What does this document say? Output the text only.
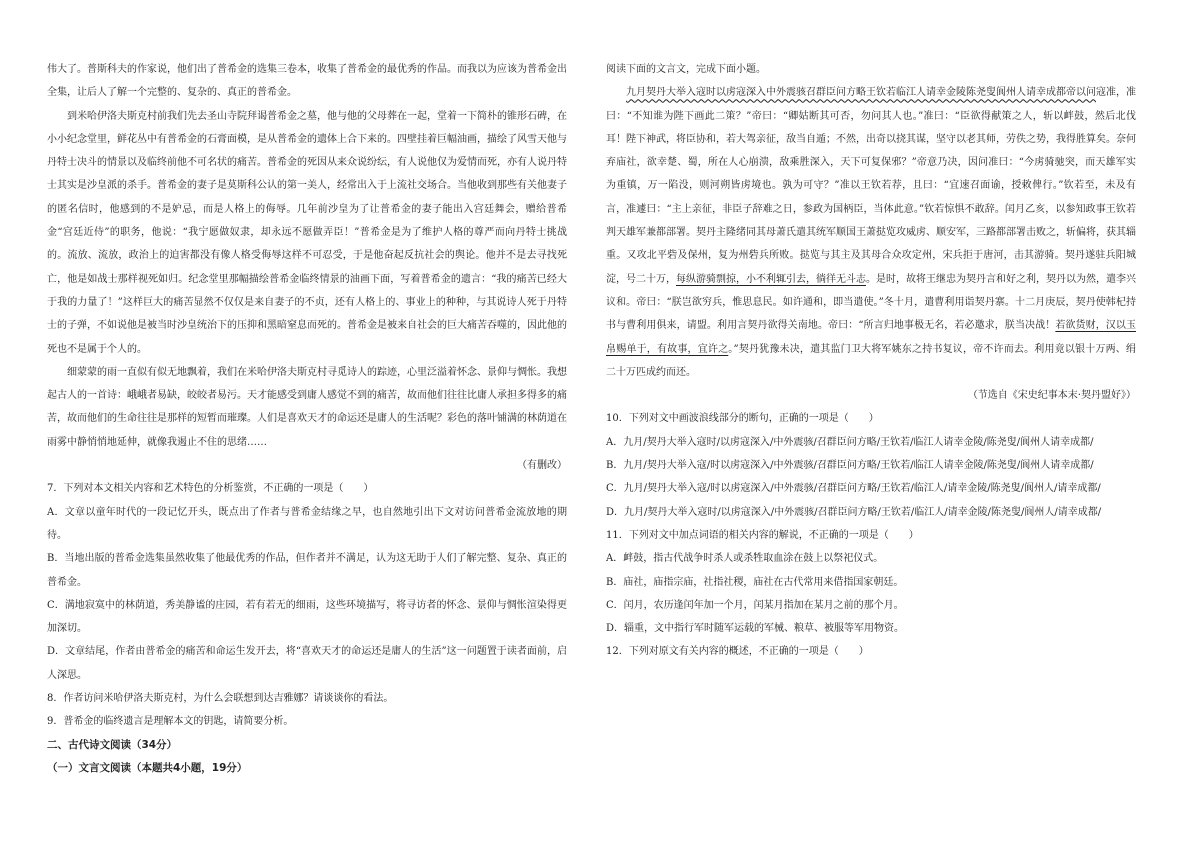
伟大了。普斯科夫的作家说，他们出了普希金的选集三卷本，收集了普希金的最优秀的作品。而我以为应该为普希金出全集，让后人了解一个完整的、复杂的、真正的普希金。

到米哈伊洛夫斯克村前我们先去圣山寺院拜谒普希金之墓，他与他的父母葬在一起，堂着一下简朴的锥形石碑，在小小纪念堂里，鲜花丛中有普希金的石膏面模，是从普希金的遗体上合下来的。四壁挂着巨幅油画，描绘了风雪天他与丹特士决斗的情景以及临终前他不可名状的痛苦。普希金的死因从来众说纷纭，有人说他仅为爱情而死，亦有人说丹特士其实是沙皇派的杀手。普希金的妻子是莫斯科公认的第一美人，经常出入于上流社交场合。当他收到那些有关他妻子的匿名信时，他感到的不是妒忌，而是人格上的侮辱。几年前沙皇为了让普希金的妻子能出入宫廷舞会，赠给普希金“宫廷近侍”的职务，他说：“我宁愿做奴隶，却永远不愿做弄臣！”普希金是为了维护人格的尊严而向丹特士挑战的。流放、流放，政治上的迫害都没有像人格受侮辱这样不可忍受，于是他奋起反抗社会的舆论。他并不是去寻找死亡，他是如战士那样视死如归。纪念堂里那幅描绘普希金临终情景的油画下面，写着普希金的遗言：“我的痛苦已经大于我的力量了！”这样巨大的痛苦显然不仅仅是来自妻子的不贞，还有人格上的、事业上的种种，与其说诗人死于丹特士的子弹，不如说他是被当时沙皇统治下的压抑和黑暗窒息而死的。普希金是被来自社会的巨大痛苦吞噬的，因此他的死也不是属于个人的。

细蒙蒙的雨一直似有似无地飘着，我们在米哈伊洛夫斯克村寻觅诗人的踪迹，心里泛溢着怀念、景仰与惆怅。我想起古人的一首诗：峨峨者易缺，皎皎者易污。天才能感受到庸人感觉不到的痛苦，故而他们往往比庸人承担多得多的痛苦，故而他们的生命往往是那样的短暂而璀璨。人们是喜欢天才的命运还是庸人的生活呢？彩色的落叶铺满的林荫道在雨雾中静悄悄地延伸，就像我遏止不住的思绪……

（有删改）

7．下列对本文相关内容和艺术特色的分析鉴赏，不正确的一项是（　　）

A．文章以童年时代的一段记忆开头，既点出了作者与普希金结缘之早，也自然地引出下文对访问普希金流放地的期待。

B．当地出版的普希金选集虽然收集了他最优秀的作品，但作者并不满足，认为这无助于人们了解完整、复杂、真正的普希金。

C．满地寂寞中的林荫道，秀美静谧的庄园，若有若无的细雨，这些环境描写，将寻访者的怀念、景仰与惆怅渲染得更加深切。

D．文章结尾，作者由普希金的痛苦和命运生发开去，将“喜欢天才的命运还是庸人的生活”这一问题置于读者面前，启人深思。

8．作者访问米哈伊洛夫斯克村，为什么会联想到达吉雅娜？请谈谈你的看法。

9．普希金的临终遗言是理解本文的钥匙，请简要分析。

二、古代诗文阅读（34分）

（一）文言文阅读（本题共4小题，19分）

阅读下面的文言文，完成下面小题。

九月契丹大举入寇时以虏寇深入中外震骇召群臣问方略王钦若临江人请幸金陵陈尧叟阆州人请幸成都帝以问寇准，准曰：“不知谁为陛下画此二策？”帝曰：“卿姑断其可否，勿问其人也。”准曰：“臣欲得献策之人，斩以衅鼓，然后北伐耳！陛下神武，将臣协和，若大驾亲征，敌当自遁；不然，出奇以挠其谋，坚守以老其师，劳佚之势，我得胜算矣。奈何弃庙社，欲幸楚、蜀，所在人心崩溃，敌乘胜深入，天下可复保邪？”帝意乃决，因问准曰：“今虏骑驰突，而天雄军实为重镇，万一陷没，则河朔皆虏境也。孰为可守？”准以王钦若荐，且曰：“宜速召面谕，授敕俾行。”钦若至，未及有言，准遽曰：“主上亲征，非臣子辞难之日，参政为国柄臣，当体此意。”钦若惊惧不敢辞。闰月乙亥，以参知政事王钦若判天雄军兼都部署。契丹主隆绪同其母萧氏遣其统军顺国王萧挞览攻威虏、顺安军，三路都部署击败之，斩偏将，获其辎重。又攻北平砦及保州，复为州砦兵所败。挞览与其主及其母合众攻定州，宋兵拒于唐河，击其游骑。契丹遂驻兵阳城淀，号二十万，每纵游骑剽掠，小不利辄引去，徜徉无斗志。是时，故将王继忠为契丹言和好之利，契丹以为然，遣李兴议和。帝曰：“朕岂欲穷兵，惟思息民。如许通和，即当遣使。”冬十月，遣曹利用诣契丹寨。十二月庚辰，契丹使韩杞持书与曹利用俱来，请盟。利用言契丹欲得关南地。帝曰：“所言归地事极无名，若必邀求，朕当决战！若欲货财，汉以玉帛赐单于，有故事，宜许之。”契丹犹豫未决，遣其监门卫大将军姚东之持书复议，帝不许而去。利用竟以银十万两、绢二十万匹成约而还。

（节选自《宋史纪事本末·契丹盟好》）

10．下列对文中画波浪线部分的断句，正确的一项是（　　）

A．九月/契丹大举入寇时/以虏寇深入/中外震骇/召群臣问方略/王钦若/临江人请幸金陵/陈尧叟/阆州人请幸成都/

B．九月/契丹大举入寇/时以虏寇深入/中外震骇/召群臣问方略/王钦若/临江人请幸金陵/陈尧叟/阆州人请幸成都/

C．九月/契丹大举入寇/时以虏寇深入/中外震骇/召群臣问方略/王钦若/临江人/请幸金陵/陈尧叟/阆州人/请幸成都/

D．九月/契丹大举入寇时/以虏寇深入/中外震骇/召群臣问方略/王钦若/临江人/请幸金陵/陈尧叟/阆州人/请幸成都/

11．下列对文中加点词语的相关内容的解说，不正确的一项是（　　）

A．衅鼓，指古代战争时杀人或杀牲取血涂在鼓上以祭祀仪式。

B．庙社，庙指宗庙，社指社稷，庙社在古代常用来借指国家朝廷。

C．闰月，农历逢闰年加一个月，闰某月指加在某月之前的那个月。

D．辎重，文中指行军时随军运载的军械、粮草、被服等军用物资。

12．下列对原文有关内容的概述，不正确的一项是（　　）
